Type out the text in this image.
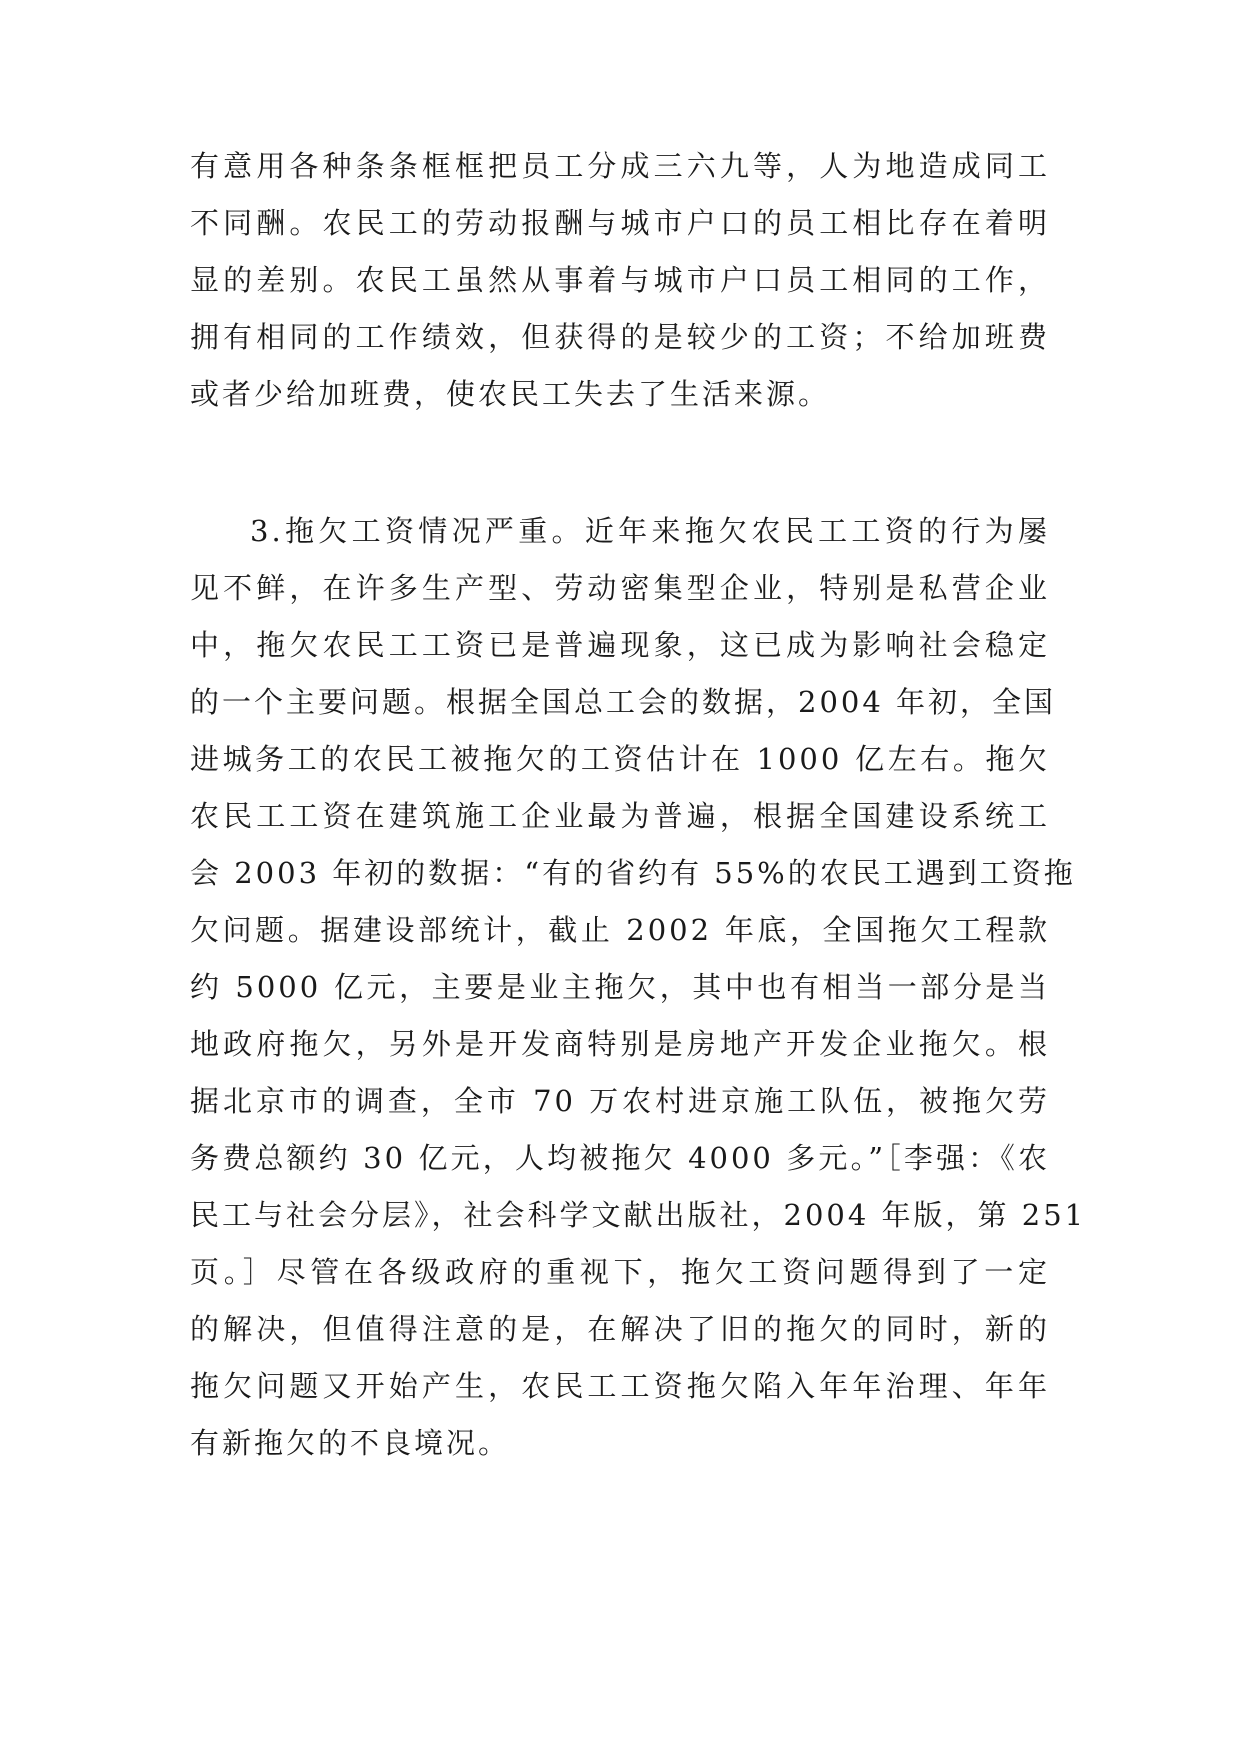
有意用各种条条框框把员工分成三六九等，人为地造成同工
不同酬。农民工的劳动报酬与城市户口的员工相比存在着明
显的差别。农民工虽然从事着与城市户口员工相同的工作，
拥有相同的工作绩效，但获得的是较少的工资；不给加班费
或者少给加班费，使农民工失去了生活来源。
3.拖欠工资情况严重。近年来拖欠农民工工资的行为屡
见不鲜，在许多生产型、劳动密集型企业，特别是私营企业
中，拖欠农民工工资已是普遍现象，这已成为影响社会稳定
的一个主要问题。根据全国总工会的数据，2004 年初，全国
进城务工的农民工被拖欠的工资估计在 1000 亿左右。拖欠
农民工工资在建筑施工企业最为普遍，根据全国建设系统工
会 2003 年初的数据：“有的省约有 55%的农民工遇到工资拖
欠问题。据建设部统计，截止 2002 年底，全国拖欠工程款
约 5000 亿元，主要是业主拖欠，其中也有相当一部分是当
地政府拖欠，另外是开发商特别是房地产开发企业拖欠。根
据北京市的调查，全市 70 万农村进京施工队伍，被拖欠劳
务费总额约 30 亿元，人均被拖欠 4000 多元。”［李强：《农
民工与社会分层》，社会科学文献出版社，2004 年版，第 251
页。］尽管在各级政府的重视下，拖欠工资问题得到了一定
的解决，但值得注意的是，在解决了旧的拖欠的同时，新的
拖欠问题又开始产生，农民工工资拖欠陷入年年治理、年年
有新拖欠的不良境况。
